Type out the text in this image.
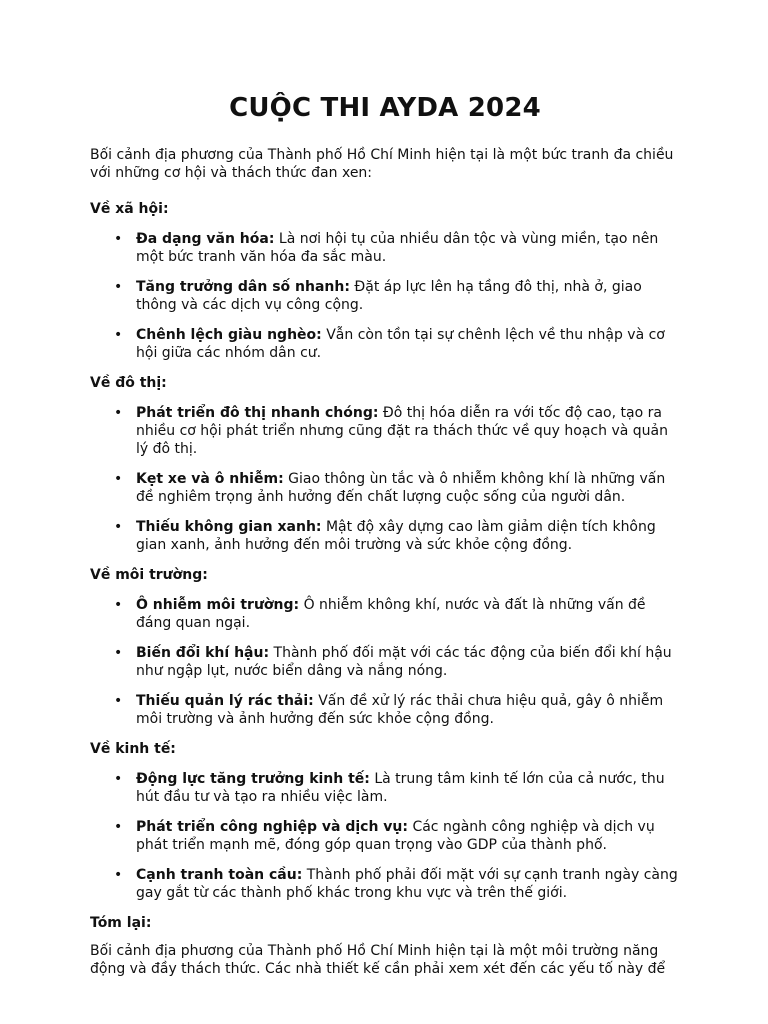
CUỘC THI AYDA 2024

Bối cảnh địa phương của Thành phố Hồ Chí Minh hiện tại là một bức tranh đa chiều với những cơ hội và thách thức đan xen:

Về xã hội:

• Đa dạng văn hóa: Là nơi hội tụ của nhiều dân tộc và vùng miền, tạo nên một bức tranh văn hóa đa sắc màu.
• Tăng trưởng dân số nhanh: Đặt áp lực lên hạ tầng đô thị, nhà ở, giao thông và các dịch vụ công cộng.
• Chênh lệch giàu nghèo: Vẫn còn tồn tại sự chênh lệch về thu nhập và cơ hội giữa các nhóm dân cư.

Về đô thị:

• Phát triển đô thị nhanh chóng: Đô thị hóa diễn ra với tốc độ cao, tạo ra nhiều cơ hội phát triển nhưng cũng đặt ra thách thức về quy hoạch và quản lý đô thị.
• Kẹt xe và ô nhiễm: Giao thông ùn tắc và ô nhiễm không khí là những vấn đề nghiêm trọng ảnh hưởng đến chất lượng cuộc sống của người dân.
• Thiếu không gian xanh: Mật độ xây dựng cao làm giảm diện tích không gian xanh, ảnh hưởng đến môi trường và sức khỏe cộng đồng.

Về môi trường:

• Ô nhiễm môi trường: Ô nhiễm không khí, nước và đất là những vấn đề đáng quan ngại.
• Biến đổi khí hậu: Thành phố đối mặt với các tác động của biến đổi khí hậu như ngập lụt, nước biển dâng và nắng nóng.
• Thiếu quản lý rác thải: Vấn đề xử lý rác thải chưa hiệu quả, gây ô nhiễm môi trường và ảnh hưởng đến sức khỏe cộng đồng.

Về kinh tế:

• Động lực tăng trưởng kinh tế: Là trung tâm kinh tế lớn của cả nước, thu hút đầu tư và tạo ra nhiều việc làm.
• Phát triển công nghiệp và dịch vụ: Các ngành công nghiệp và dịch vụ phát triển mạnh mẽ, đóng góp quan trọng vào GDP của thành phố.
• Cạnh tranh toàn cầu: Thành phố phải đối mặt với sự cạnh tranh ngày càng gay gắt từ các thành phố khác trong khu vực và trên thế giới.

Tóm lại:

Bối cảnh địa phương của Thành phố Hồ Chí Minh hiện tại là một môi trường năng động và đầy thách thức. Các nhà thiết kế cần phải xem xét đến các yếu tố này để
